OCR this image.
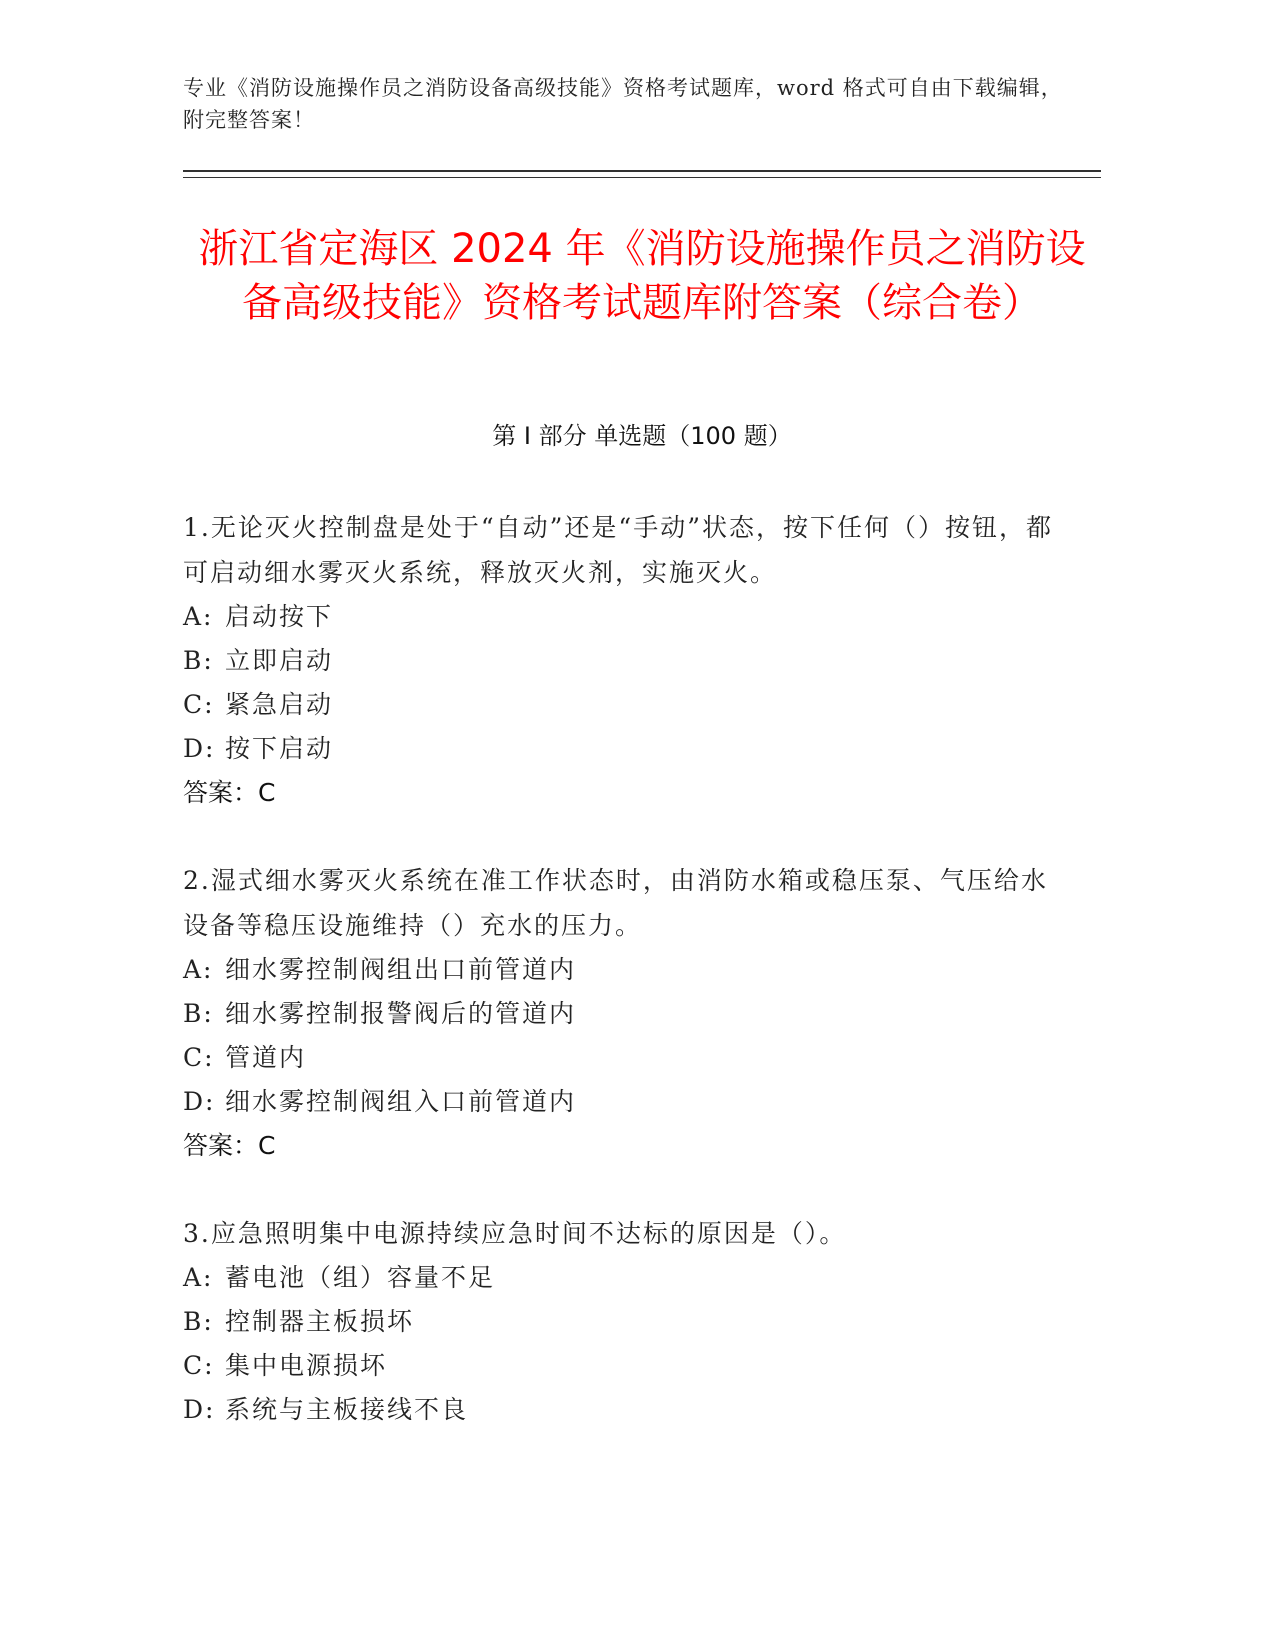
专业《消防设施操作员之消防设备高级技能》资格考试题库，word 格式可自由下载编辑，附完整答案！
浙江省定海区 2024 年《消防设施操作员之消防设备高级技能》资格考试题库附答案（综合卷）
第 I 部分 单选题（100 题）

1.无论灭火控制盘是处于“自动”还是“手动”状态，按下任何（）按钮，都可启动细水雾灭火系统，释放灭火剂，实施灭火。

A: 启动按下

B: 立即启动

C: 紧急启动

D: 按下启动

答案：C

2.湿式细水雾灭火系统在准工作状态时，由消防水箱或稳压泵、气压给水设备等稳压设施维持（）充水的压力。

A: 细水雾控制阀组出口前管道内

B: 细水雾控制报警阀后的管道内

C: 管道内

D: 细水雾控制阀组入口前管道内

答案：C

3.应急照明集中电源持续应急时间不达标的原因是（）。

A: 蓄电池（组）容量不足

B: 控制器主板损坏

C: 集中电源损坏

D: 系统与主板接线不良
